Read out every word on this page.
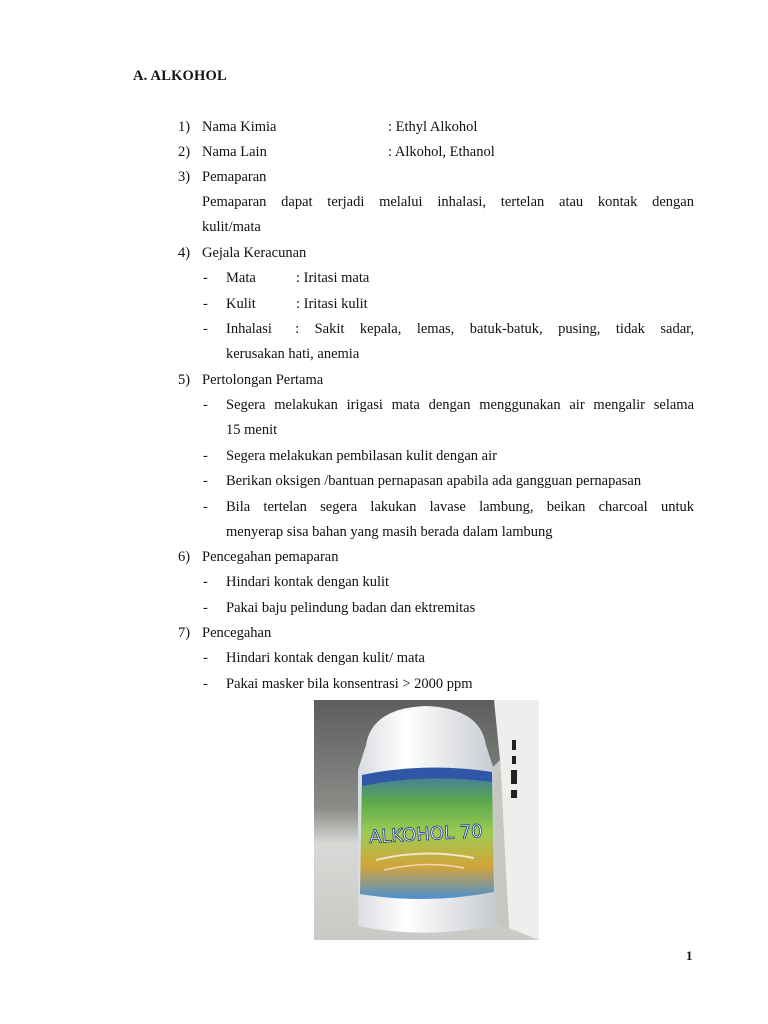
A. ALKOHOL
1) Nama Kimia	: Ethyl Alkohol
2) Nama Lain	: Alkohol, Ethanol
3) Pemaparan
Pemaparan dapat terjadi melalui inhalasi, tertelan atau kontak dengan
kulit/mata
4) Gejala Keracunan
- Mata	: Iritasi mata
- Kulit	: Iritasi kulit
- Inhalasi   :  Sakit  kepala,  lemas,  batuk-batuk,  pusing,  tidak  sadar,
kerusakan hati, anemia
5) Pertolongan Pertama
- Segera melakukan irigasi mata dengan menggunakan air mengalir selama
15 menit
- Segera melakukan pembilasan kulit dengan air
- Berikan oksigen /bantuan pernapasan apabila ada gangguan pernapasan
- Bila tertelan segera lakukan lavase lambung, beikan charcoal untuk
menyerap sisa bahan yang masih berada dalam lambung
6) Pencegahan pemaparan
- Hindari kontak dengan kulit
- Pakai baju pelindung badan dan ektremitas
7) Pencegahan
- Hindari kontak dengan kulit/ mata
- Pakai masker bila konsentrasi > 2000 ppm
ALKOHOL 70
1
